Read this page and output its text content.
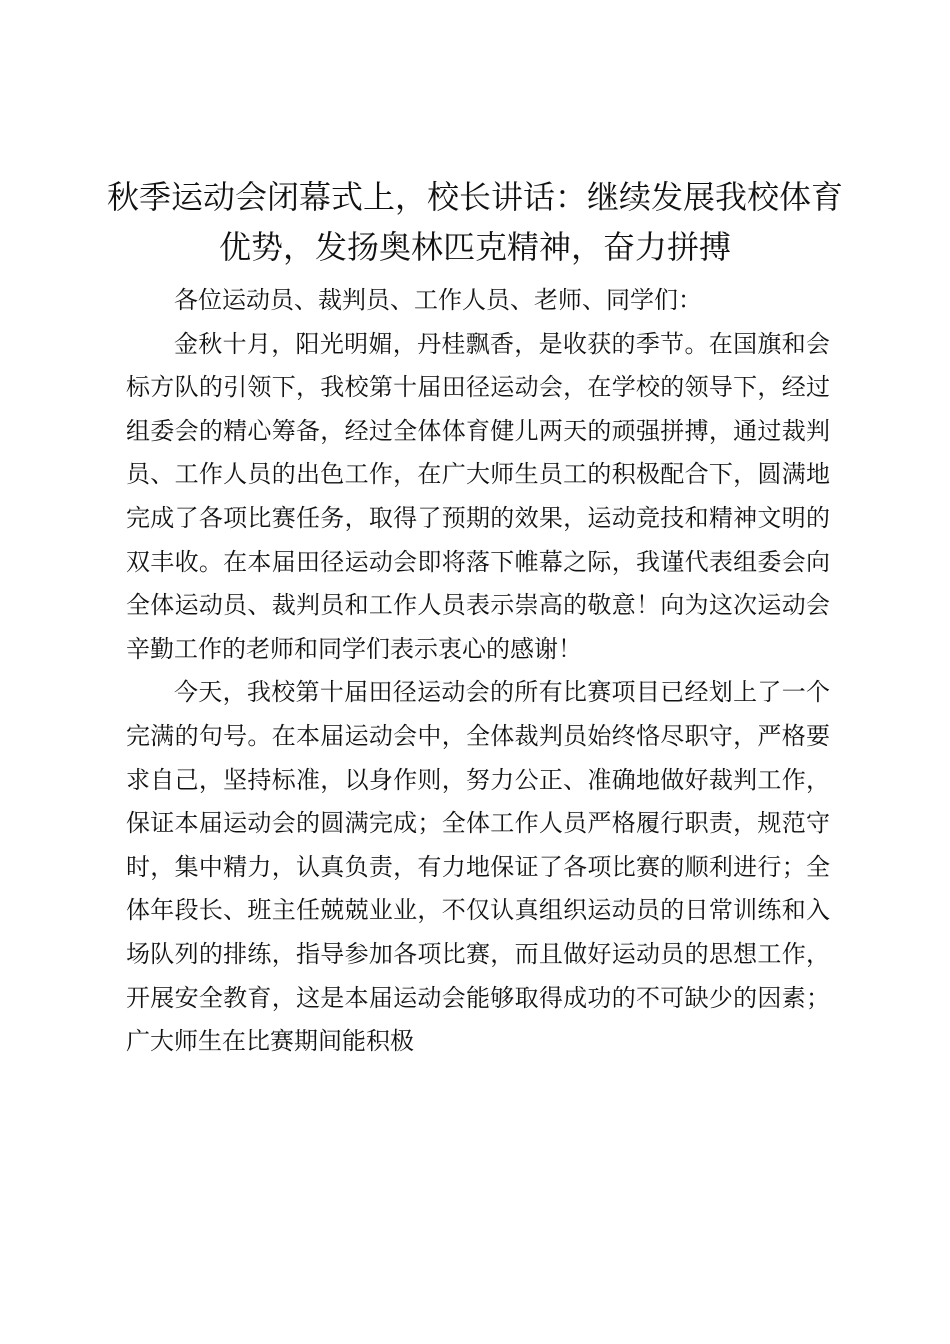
秋季运动会闭幕式上，校长讲话：继续发展我校体育优势，发扬奥林匹克精神，奋力拼搏

各位运动员、裁判员、工作人员、老师、同学们：

金秋十月，阳光明媚，丹桂飘香，是收获的季节。在国旗和会标方队的引领下，我校第十届田径运动会，在学校的领导下，经过组委会的精心筹备，经过全体体育健儿两天的顽强拼搏，通过裁判员、工作人员的出色工作，在广大师生员工的积极配合下，圆满地完成了各项比赛任务，取得了预期的效果，运动竞技和精神文明的双丰收。在本届田径运动会即将落下帷幕之际，我谨代表组委会向全体运动员、裁判员和工作人员表示崇高的敬意！向为这次运动会辛勤工作的老师和同学们表示衷心的感谢！

今天，我校第十届田径运动会的所有比赛项目已经划上了一个完满的句号。在本届运动会中，全体裁判员始终恪尽职守，严格要求自己，坚持标准，以身作则，努力公正、准确地做好裁判工作，保证本届运动会的圆满完成；全体工作人员严格履行职责，规范守时，集中精力，认真负责，有力地保证了各项比赛的顺利进行；全体年段长、班主任兢兢业业，不仅认真组织运动员的日常训练和入场队列的排练，指导参加各项比赛，而且做好运动员的思想工作，开展安全教育，这是本届运动会能够取得成功的不可缺少的因素；广大师生在比赛期间能积极
